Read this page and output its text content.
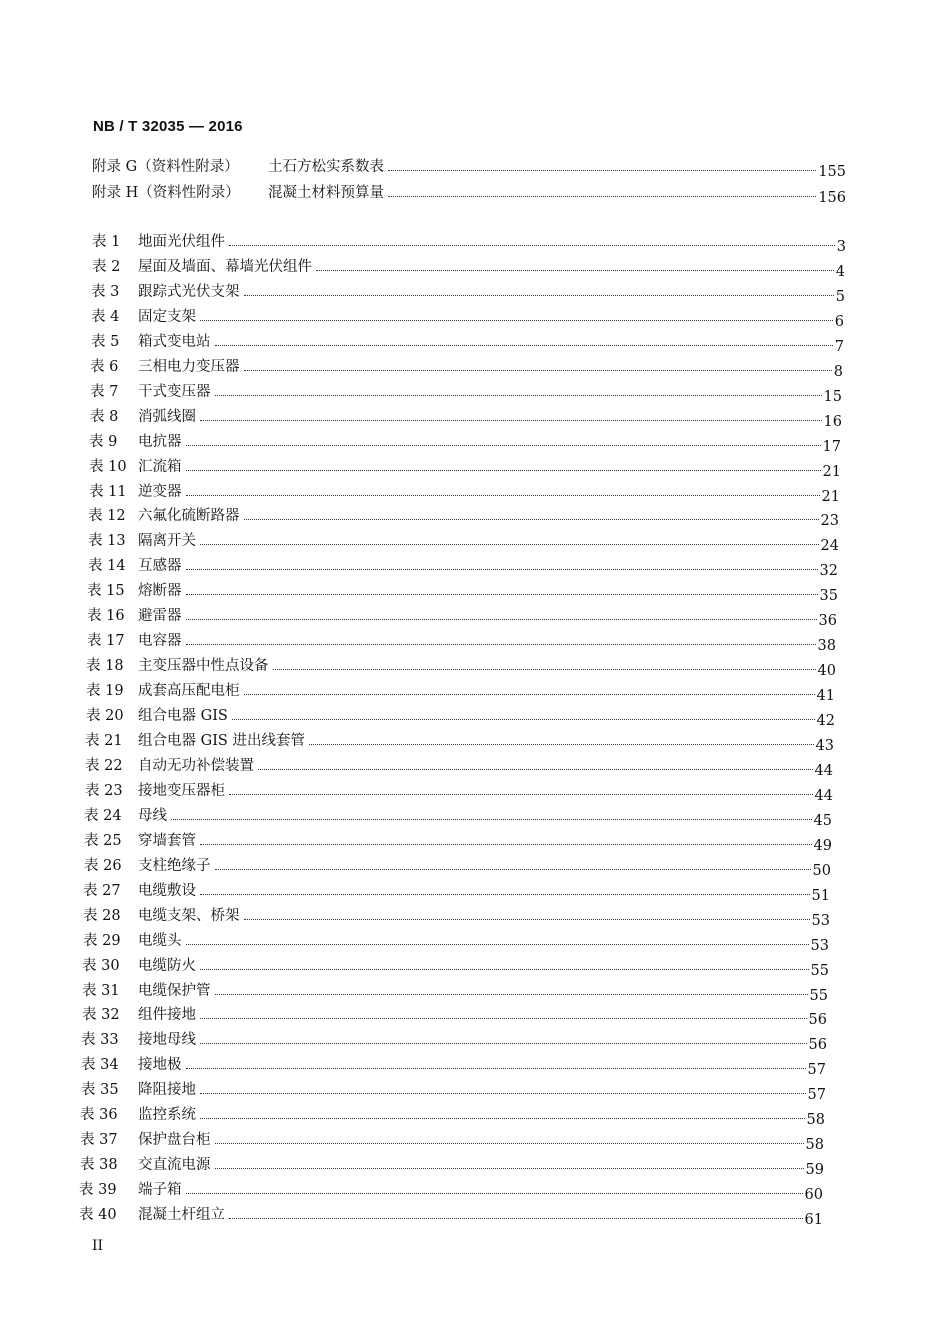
NB / T 32035 — 2016
附录 G（资料性附录）	土石方松实系数表	155
附录 H（资料性附录）	混凝土材料预算量	156
表 1	地面光伏组件	3
表 2	屋面及墙面、幕墙光伏组件	4
表 3	跟踪式光伏支架	5
表 4	固定支架	6
表 5	箱式变电站	7
表 6	三相电力变压器	8
表 7	干式变压器	15
表 8	消弧线圈	16
表 9	电抗器	17
表 10 汇流箱	21
表 11 逆变器	21
表 12 六氟化硫断路器	23
表 13 隔离开关	24
表 14 互感器	32
表 15 熔断器	35
表 16 避雷器	36
表 17 电容器	38
表 18 主变压器中性点设备	40
表 19 成套高压配电柜	41
表 20 组合电器 GIS	42
表 21	组合电器 GIS 进出线套管	43
表 22	自动无功补偿装置	44
表 23	接地变压器柜	44
表 24	母线	45
表 25	穿墙套管	49
表 26	支柱绝缘子	50
表 27	电缆敷设	51
表 28	电缆支架、桥架	53
表 29	电缆头	53
表 30	电缆防火	55
表 31	电缆保护管	55
表 32	组件接地	56
表 33	接地母线	56
表 34	接地极	57
表 35	降阻接地	57
表 36	监控系统	58
表 37	保护盘台柜	58
表 38	交直流电源	59
表 39	端子箱	60
表 40	混凝土杆组立	61
II
